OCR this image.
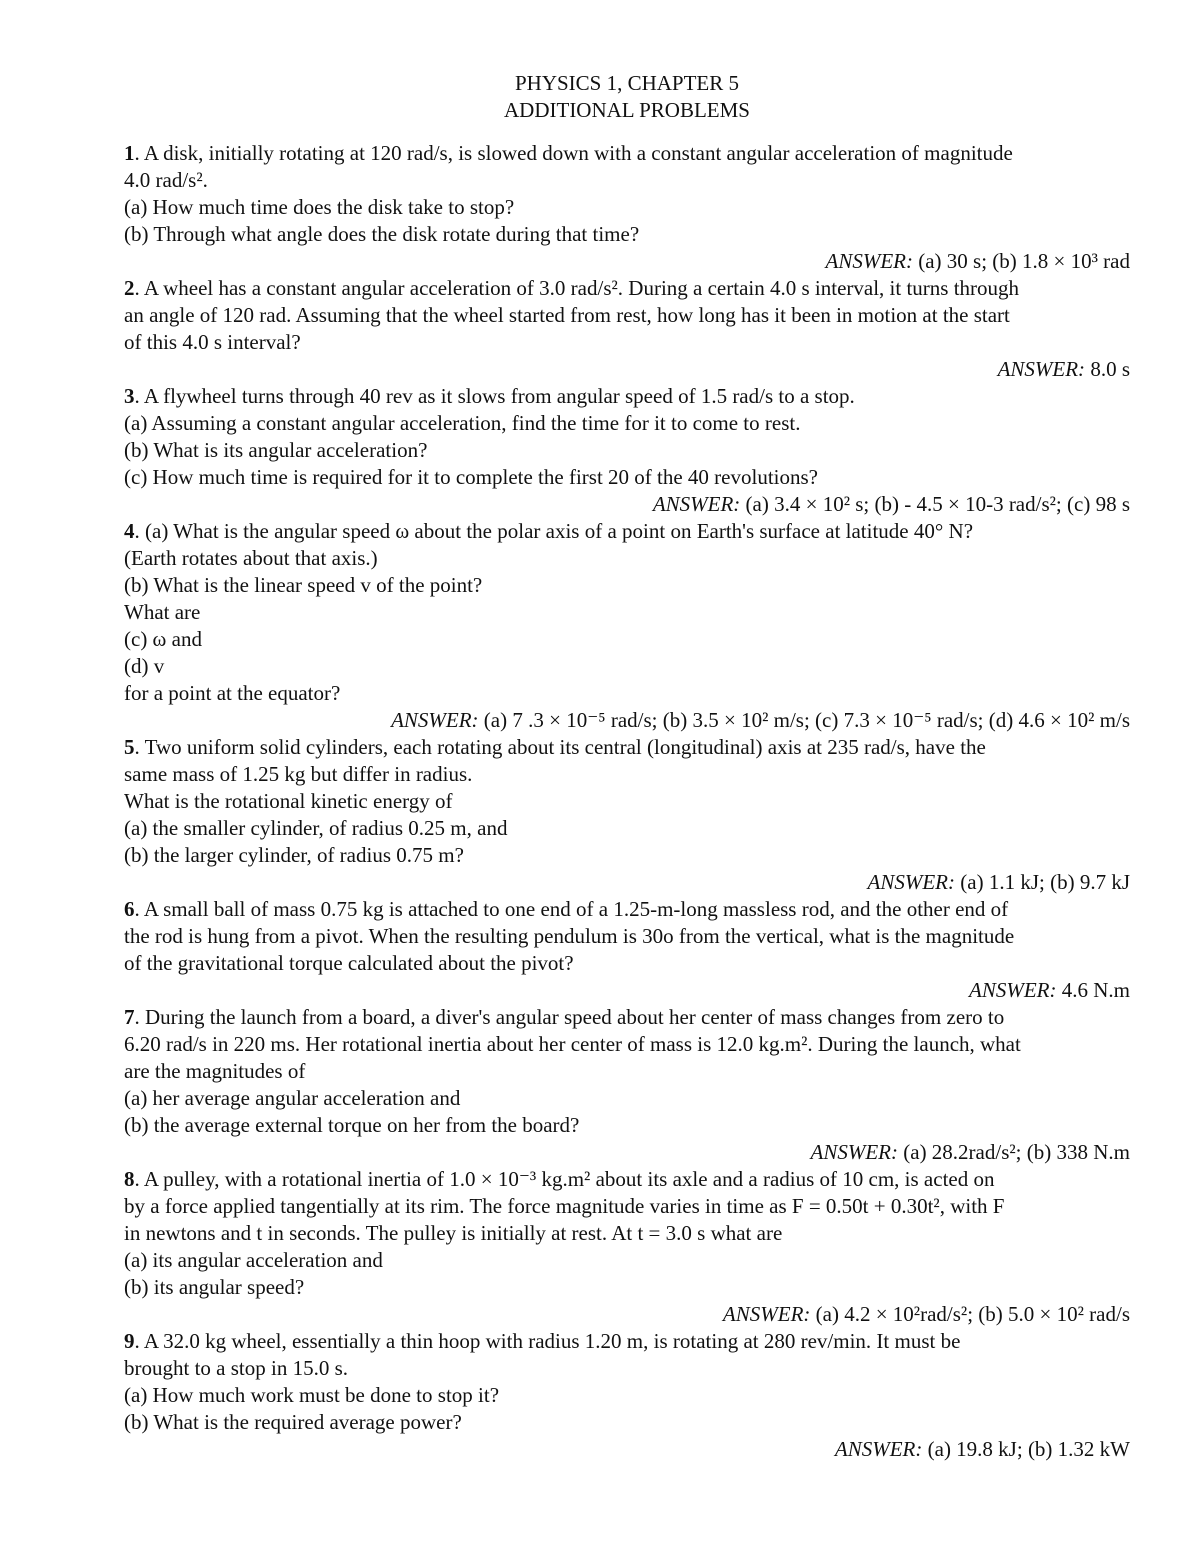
PHYSICS 1, CHAPTER 5

ADDITIONAL PROBLEMS

1. A disk, initially rotating at 120 rad/s, is slowed down with a constant angular acceleration of magnitude
4.0 rad/s².
(a) How much time does the disk take to stop?
(b) Through what angle does the disk rotate during that time?
ANSWER: (a) 30 s; (b) 1.8 × 10³ rad
2. A wheel has a constant angular acceleration of 3.0 rad/s². During a certain 4.0 s interval, it turns through
an angle of 120 rad. Assuming that the wheel started from rest, how long has it been in motion at the start
of this 4.0 s interval?
ANSWER: 8.0 s
3. A flywheel turns through 40 rev as it slows from angular speed of 1.5 rad/s to a stop.
(a) Assuming a constant angular acceleration, find the time for it to come to rest.
(b) What is its angular acceleration?
(c) How much time is required for it to complete the first 20 of the 40 revolutions?
ANSWER: (a) 3.4 × 10² s; (b) - 4.5 × 10-3 rad/s²; (c) 98 s
4. (a) What is the angular speed ω about the polar axis of a point on Earth's surface at latitude 40° N?
(Earth rotates about that axis.)
(b) What is the linear speed v of the point?
What are
(c) ω and
(d) v
for a point at the equator?
ANSWER: (a) 7 .3 × 10⁻⁵ rad/s; (b) 3.5 × 10² m/s; (c) 7.3 × 10⁻⁵ rad/s; (d) 4.6 × 10² m/s
5. Two uniform solid cylinders, each rotating about its central (longitudinal) axis at 235 rad/s, have the
same mass of 1.25 kg but differ in radius.
What is the rotational kinetic energy of
(a) the smaller cylinder, of radius 0.25 m, and
(b) the larger cylinder, of radius 0.75 m?
ANSWER: (a) 1.1 kJ; (b) 9.7 kJ
6. A small ball of mass 0.75 kg is attached to one end of a 1.25-m-long massless rod, and the other end of
the rod is hung from a pivot. When the resulting pendulum is 30o from the vertical, what is the magnitude
of the gravitational torque calculated about the pivot?
ANSWER: 4.6 N.m
7. During the launch from a board, a diver's angular speed about her center of mass changes from zero to
6.20 rad/s in 220 ms. Her rotational inertia about her center of mass is 12.0 kg.m². During the launch, what
are the magnitudes of
(a) her average angular acceleration and
(b) the average external torque on her from the board?
ANSWER: (a) 28.2rad/s²; (b) 338 N.m
8. A pulley, with a rotational inertia of 1.0 × 10⁻³ kg.m² about its axle and a radius of 10 cm, is acted on
by a force applied tangentially at its rim. The force magnitude varies in time as F = 0.50t + 0.30t², with F
in newtons and t in seconds. The pulley is initially at rest. At t = 3.0 s what are
(a) its angular acceleration and
(b) its angular speed?
ANSWER: (a) 4.2 × 10²rad/s²; (b) 5.0 × 10² rad/s
9. A 32.0 kg wheel, essentially a thin hoop with radius 1.20 m, is rotating at 280 rev/min. It must be
brought to a stop in 15.0 s.
(a) How much work must be done to stop it?
(b) What is the required average power?
ANSWER: (a) 19.8 kJ; (b) 1.32 kW
